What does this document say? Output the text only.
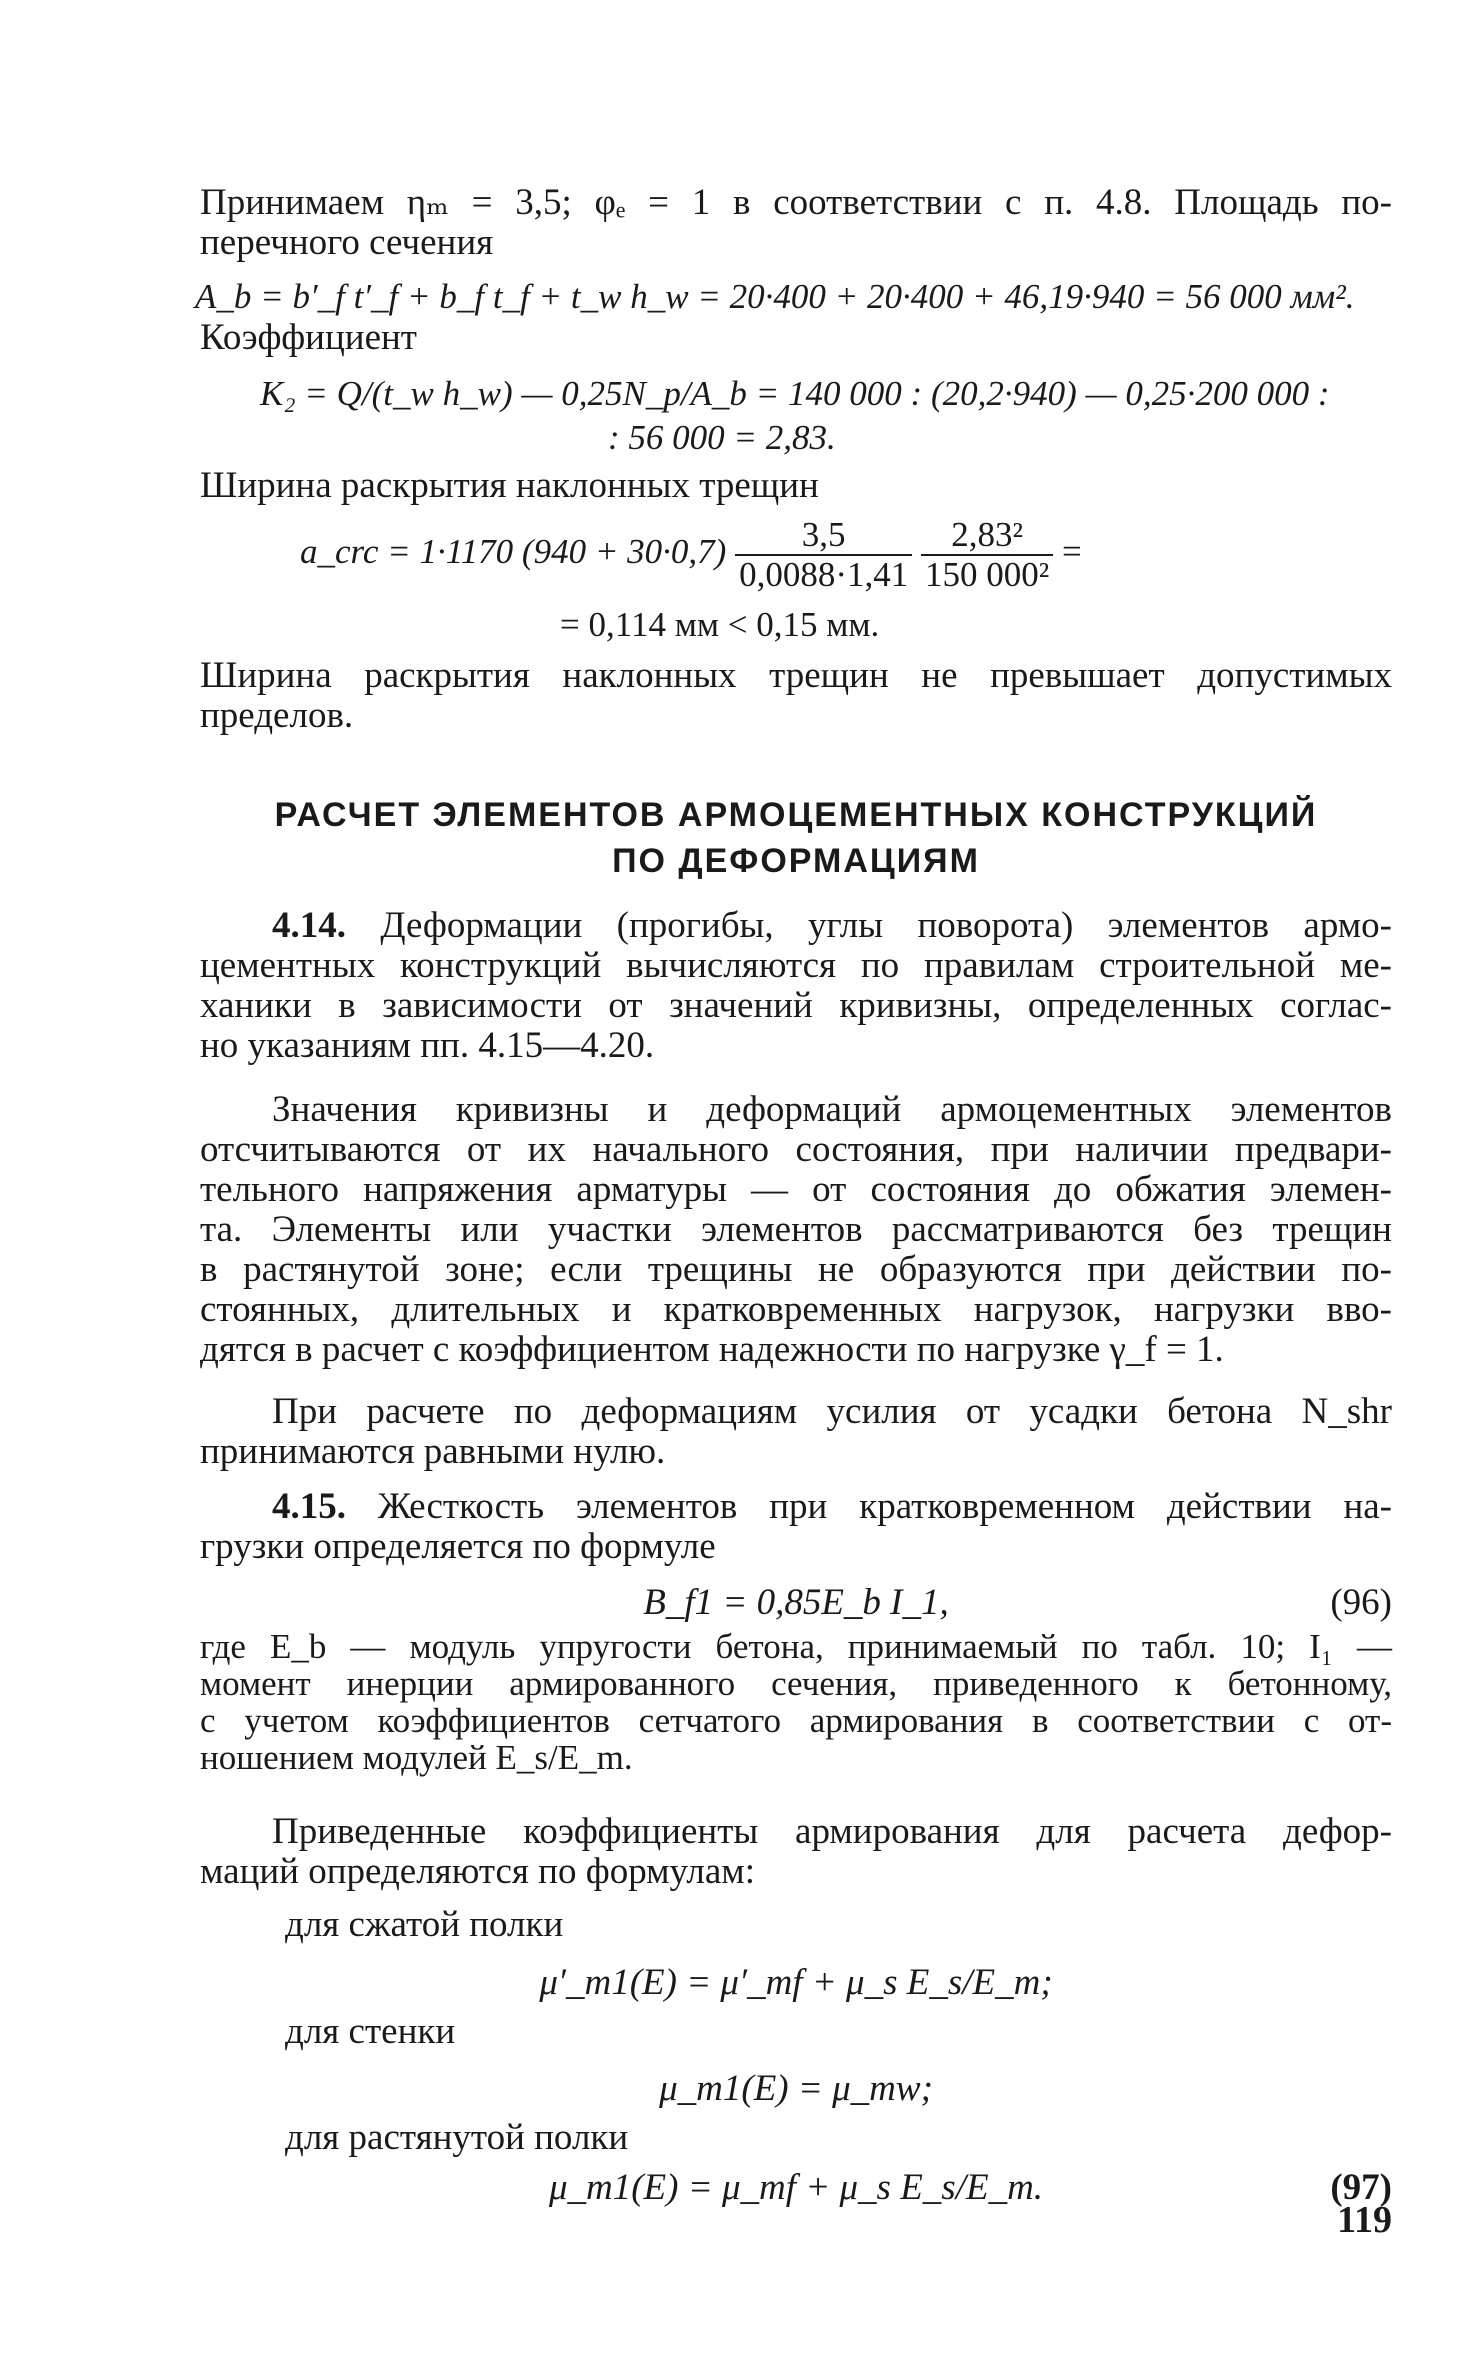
Принимаем ηₘ = 3,5; φₑ = 1 в соответствии с п. 4.8. Площадь по-
перечного сечения
A_b = b′_f t′_f + b_f t_f + t_w h_w = 20·400 + 20·400 + 46,19·940 = 56 000 мм².
Коэффициент
K₂ = Q/(t_w h_w) — 0,25N_p/A_b = 140 000 : (20,2·940) — 0,25·200 000 :
: 56 000 = 2,83.
Ширина раскрытия наклонных трещин
a_crc = 1·1170 $(940 + 30\cdot 0,7) \frac{3,5}{0,0088\cdot 1,41}$
$\frac{\text{2,83²}}{\text{150 000²}}$ =
= 0,114 мм < 0,15 мм.
Ширина раскрытия наклонных трещин не превышает допустимых
пределов.
РАСЧЕТ ЭЛЕМЕНТОВ АРМОЦЕМЕНТНЫХ КОНСТРУКЦИЙ
ПО ДЕФОРМАЦИЯМ
4.14. Деформации (прогибы, углы поворота) элементов армо-
цементных конструкций вычисляются по правилам строительной ме-
ханики в зависимости от значений кривизны, определенных соглас-
но указаниям пп. 4.15—4.20.
Значения кривизны и деформаций армоцементных элементов
отсчитываются от их начального состояния, при наличии предвари-
тельного напряжения арматуры — от состояния до обжатия элемен-
та. Элементы или участки элементов рассматриваются без трещин
в растянутой зоне; если трещины не образуются при действии по-
стоянных, длительных и кратковременных нагрузок, нагрузки вво-
дятся в расчет с коэффициентом надежности по нагрузке γ_f = 1.
При расчете по деформациям усилия от усадки бетона N_shr
принимаются равными нулю.
4.15. Жесткость элементов при кратковременном действии на-
грузки определяется по формуле
B_f1 = 0,85E_b I_1,	(96)
где E_b — модуль упругости бетона, принимаемый по табл. 10; I₁ —
момент инерции армированного сечения, приведенного к бетонному,
с учетом коэффициентов сетчатого армирования в соответствии с от-
ношением модулей E_s/E_m.
Приведенные коэффициенты армирования для расчета дефор-
маций определяются по формулам:
для сжатой полки
μ′_m1(E) = μ′_mf + μ_s E_s/E_m;
для стенки
μ_m1(E) = μ_mw;
для растянутой полки
μ_m1(E) = μ_mf + μ_s E_s/E_m.	(97)
119
